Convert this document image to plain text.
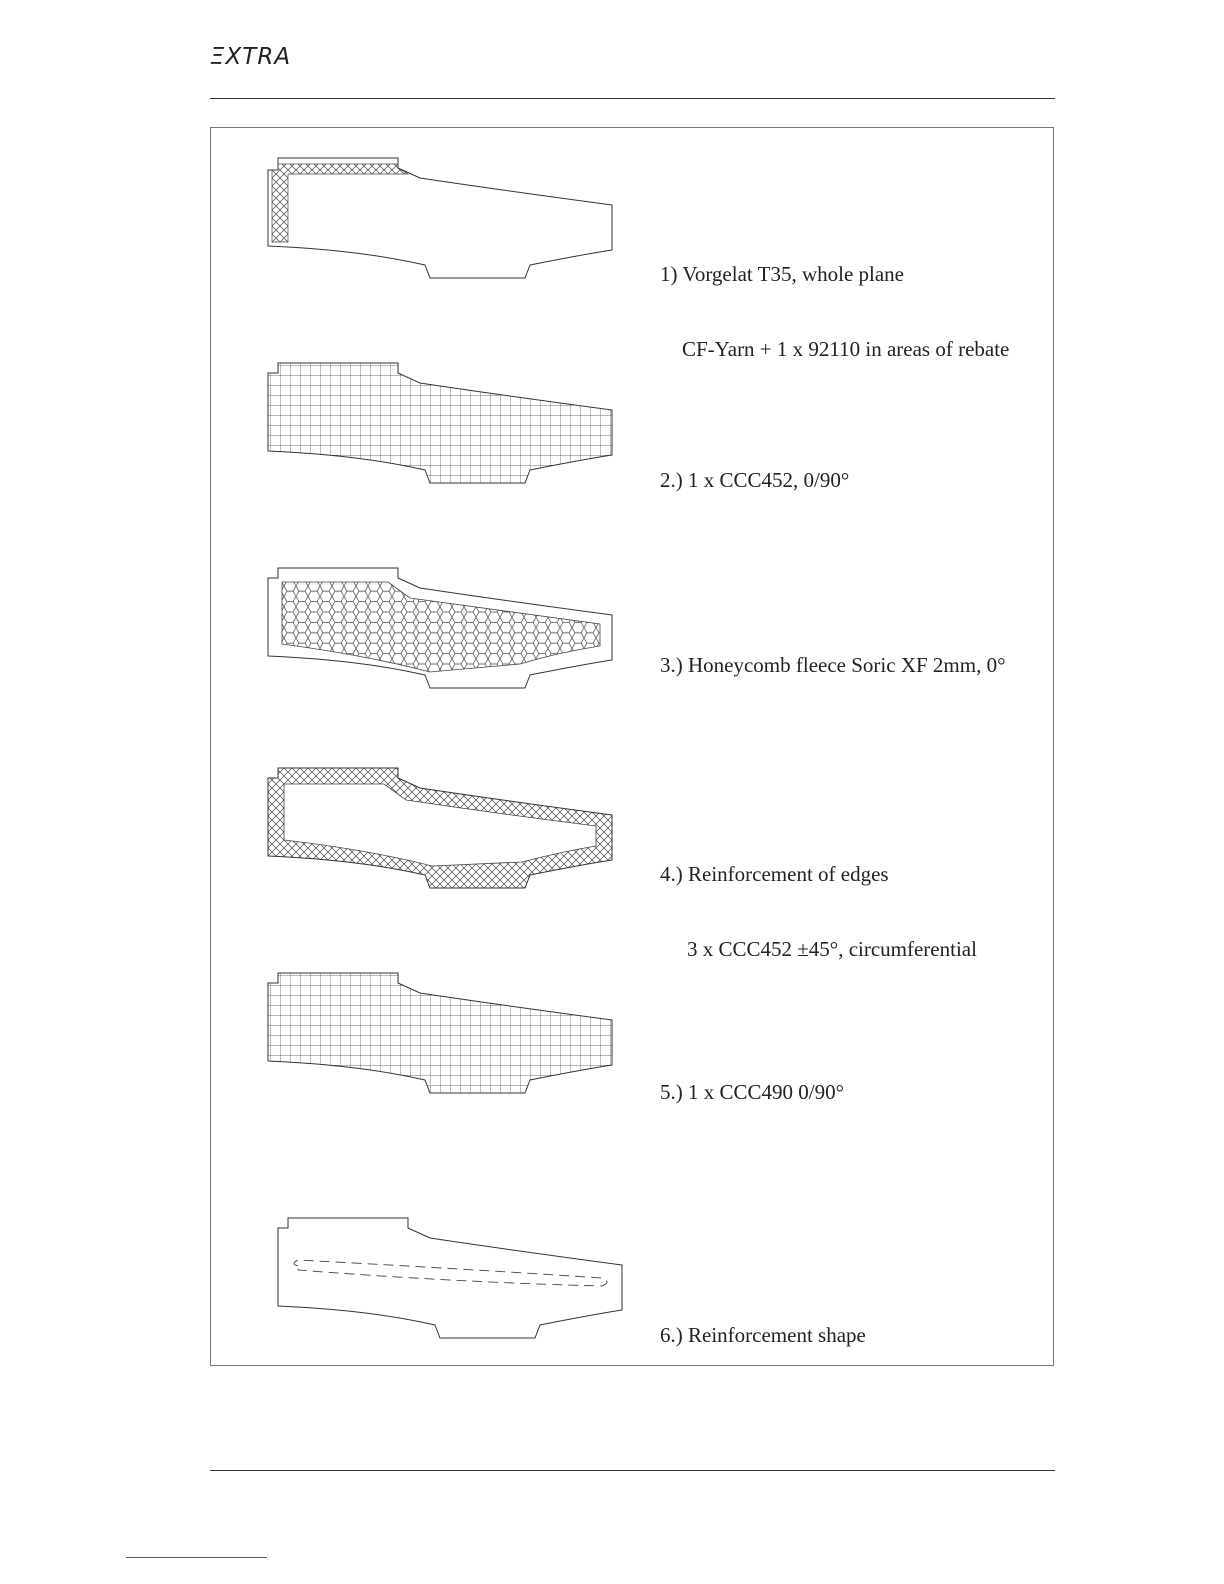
ΞXTRA

1) Vorgelat T35, whole plane

CF-Yarn + 1 x 92110 in areas of rebate

2.) 1 x CCC452, 0/90°

3.) Honeycomb fleece Soric XF 2mm, 0°

4.) Reinforcement of edges

3 x CCC452 ±45°, circumferential

5.) 1 x CCC490 0/90°

6.) Reinforcement shape
